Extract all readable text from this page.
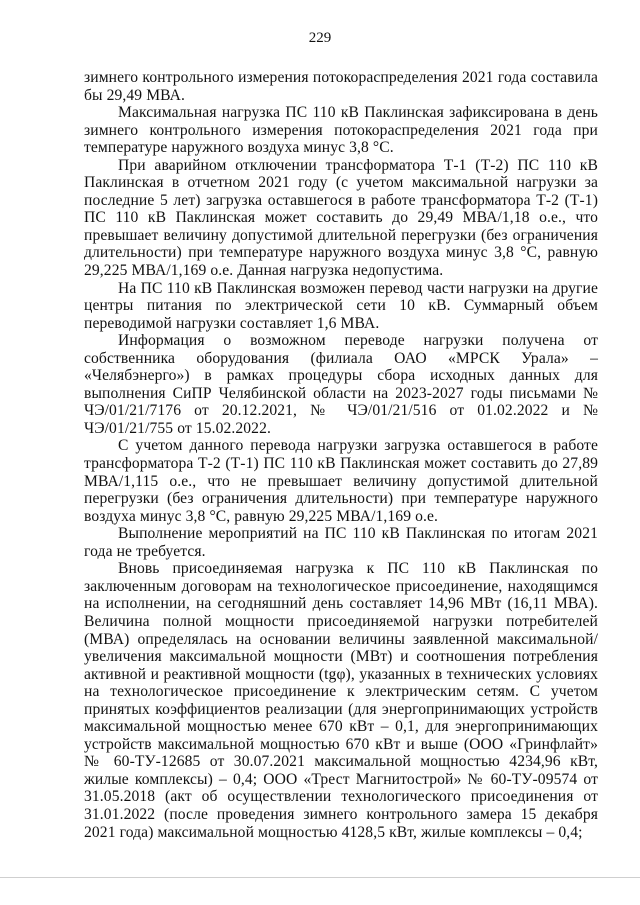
229

зимнего контрольного измерения потокораспределения 2021 года составила бы 29,49 МВА.

Максимальная нагрузка ПС 110 кВ Паклинская зафиксирована в день зимнего контрольного измерения потокораспределения 2021 года при температуре наружного воздуха минус 3,8 °С.

При аварийном отключении трансформатора Т-1 (Т-2) ПС 110 кВ Паклинская в отчетном 2021 году (с учетом максимальной нагрузки за последние 5 лет) загрузка оставшегося в работе трансформатора Т-2 (Т-1) ПС 110 кВ Паклинская может составить до 29,49 МВА/1,18 о.е., что превышает величину допустимой длительной перегрузки (без ограничения длительности) при температуре наружного воздуха минус 3,8 °С, равную 29,225 МВА/1,169 о.е. Данная нагрузка недопустима.

На ПС 110 кВ Паклинская возможен перевод части нагрузки на другие центры питания по электрической сети 10 кВ. Суммарный объем переводимой нагрузки составляет 1,6 МВА.

Информация о возможном переводе нагрузки получена от собственника оборудования (филиала ОАО «МРСК Урала» – «Челябэнерго») в рамках процедуры сбора исходных данных для выполнения СиПР Челябинской области на 2023-2027 годы письмами № ЧЭ/01/21/7176 от 20.12.2021, № ЧЭ/01/21/516 от 01.02.2022 и № ЧЭ/01/21/755 от 15.02.2022.

С учетом данного перевода нагрузки загрузка оставшегося в работе трансформатора Т-2 (Т-1) ПС 110 кВ Паклинская может составить до 27,89 МВА/1,115 о.е., что не превышает величину допустимой длительной перегрузки (без ограничения длительности) при температуре наружного воздуха минус 3,8 °С, равную 29,225 МВА/1,169 о.е.

Выполнение мероприятий на ПС 110 кВ Паклинская по итогам 2021 года не требуется.

Вновь присоединяемая нагрузка к ПС 110 кВ Паклинская по заключенным договорам на технологическое присоединение, находящимся на исполнении, на сегодняшний день составляет 14,96 МВт (16,11 МВА). Величина полной мощности присоединяемой нагрузки потребителей (МВА) определялась на основании величины заявленной максимальной/увеличения максимальной мощности (МВт) и соотношения потребления активной и реактивной мощности (tgφ), указанных в технических условиях на технологическое присоединение к электрическим сетям. С учетом принятых коэффициентов реализации (для энергопринимающих устройств максимальной мощностью менее 670 кВт – 0,1, для энергопринимающих устройств максимальной мощностью 670 кВт и выше (ООО «Гринфлайт» № 60-ТУ-12685 от 30.07.2021 максимальной мощностью 4234,96 кВт, жилые комплексы) – 0,4; ООО «Трест Магнитострой» № 60-ТУ-09574 от 31.05.2018 (акт об осуществлении технологического присоединения от 31.01.2022 (после проведения зимнего контрольного замера 15 декабря 2021 года) максимальной мощностью 4128,5 кВт, жилые комплексы – 0,4;
